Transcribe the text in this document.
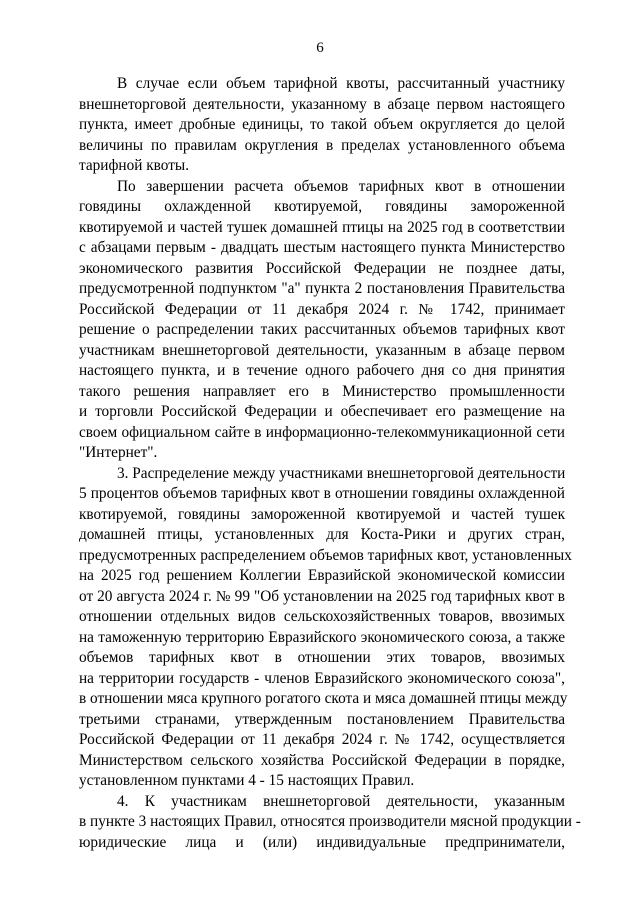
6
В случае если объем тарифной квоты, рассчитанный участнику
внешнеторговой деятельности, указанному в абзаце первом настоящего
пункта, имеет дробные единицы, то такой объем округляется до целой
величины по правилам округления в пределах установленного объема
тарифной квоты.
По завершении расчета объемов тарифных квот в отношении
говядины охлажденной квотируемой, говядины замороженной
квотируемой и частей тушек домашней птицы на 2025 год в соответствии
с абзацами первым - двадцать шестым настоящего пункта Министерство
экономического развития Российской Федерации не позднее даты,
предусмотренной подпунктом "а" пункта 2 постановления Правительства
Российской Федерации от 11 декабря 2024 г. № 1742, принимает
решение о распределении таких рассчитанных объемов тарифных квот
участникам внешнеторговой деятельности, указанным в абзаце первом
настоящего пункта, и в течение одного рабочего дня со дня принятия
такого решения направляет его в Министерство промышленности
и торговли Российской Федерации и обеспечивает его размещение на
своем официальном сайте в информационно-телекоммуникационной сети
"Интернет".
3. Распределение между участниками внешнеторговой деятельности
5 процентов объемов тарифных квот в отношении говядины охлажденной
квотируемой, говядины замороженной квотируемой и частей тушек
домашней птицы, установленных для Коста-Рики и других стран,
предусмотренных распределением объемов тарифных квот, установленных
на 2025 год решением Коллегии Евразийской экономической комиссии
от 20 августа 2024 г. № 99 "Об установлении на 2025 год тарифных квот в
отношении отдельных видов сельскохозяйственных товаров, ввозимых
на таможенную территорию Евразийского экономического союза, а также
объемов тарифных квот в отношении этих товаров, ввозимых
на территории государств - членов Евразийского экономического союза",
в отношении мяса крупного рогатого скота и мяса домашней птицы между
третьими странами, утвержденным постановлением Правительства
Российской Федерации от 11 декабря 2024 г. № 1742, осуществляется
Министерством сельского хозяйства Российской Федерации в порядке,
установленном пунктами 4 - 15 настоящих Правил.
4. К участникам внешнеторговой деятельности, указанным
в пункте 3 настоящих Правил, относятся производители мясной продукции -
юридические лица и (или) индивидуальные предприниматели,
